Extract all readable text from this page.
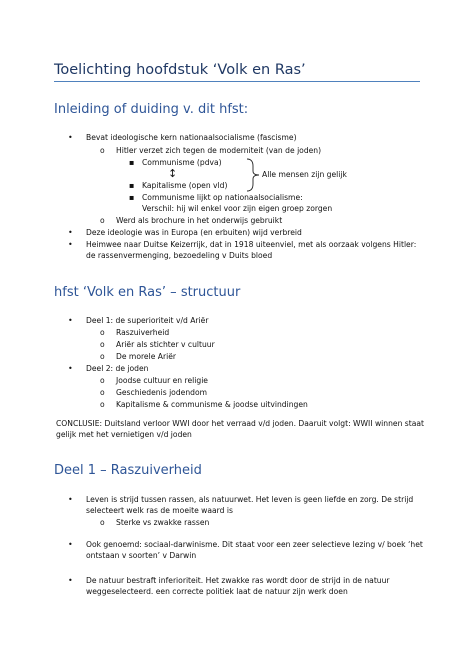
Toelichting hoofdstuk ‘Volk en Ras’
Inleiding of duiding v. dit hfst:
• Bevat ideologische kern nationaalsocialisme (fascisme)
o Hitler verzet zich tegen de moderniteit (van de joden)
▪ Communisme (pdva)
↕
▪ Kapitalisme (open vld)
Alle mensen zijn gelijk
▪ Communisme lijkt op nationaalsocialisme:
Verschil: hij wil enkel voor zijn eigen groep zorgen
o Werd als brochure in het onderwijs gebruikt
• Deze ideologie was in Europa (en erbuiten) wijd verbreid
• Heimwee naar Duitse Keizerrijk, dat in 1918 uiteenviel, met als oorzaak volgens Hitler:
de rassenvermenging, bezoedeling v Duits bloed
hfst ‘Volk en Ras’ – structuur
• Deel 1: de superioriteit v/d Ariër
o Raszuiverheid
o Ariër als stichter v cultuur
o De morele Ariër
• Deel 2: de joden
o Joodse cultuur en religie
o Geschiedenis jodendom
o Kapitalisme & communisme & joodse uitvindingen
CONCLUSIE: Duitsland verloor WWI door het verraad v/d joden. Daaruit volgt: WWII winnen staat
gelijk met het vernietigen v/d joden
Deel 1 – Raszuiverheid
• Leven is strijd tussen rassen, als natuurwet. Het leven is geen liefde en zorg. De strijd
selecteert welk ras de moeite waard is
o Sterke vs zwakke rassen
• Ook genoemd: sociaal-darwinisme. Dit staat voor een zeer selectieve lezing v/ boek ‘het
ontstaan v soorten’ v Darwin
• De natuur bestraft inferioriteit. Het zwakke ras wordt door de strijd in de natuur
weggeselecteerd. een correcte politiek laat de natuur zijn werk doen
